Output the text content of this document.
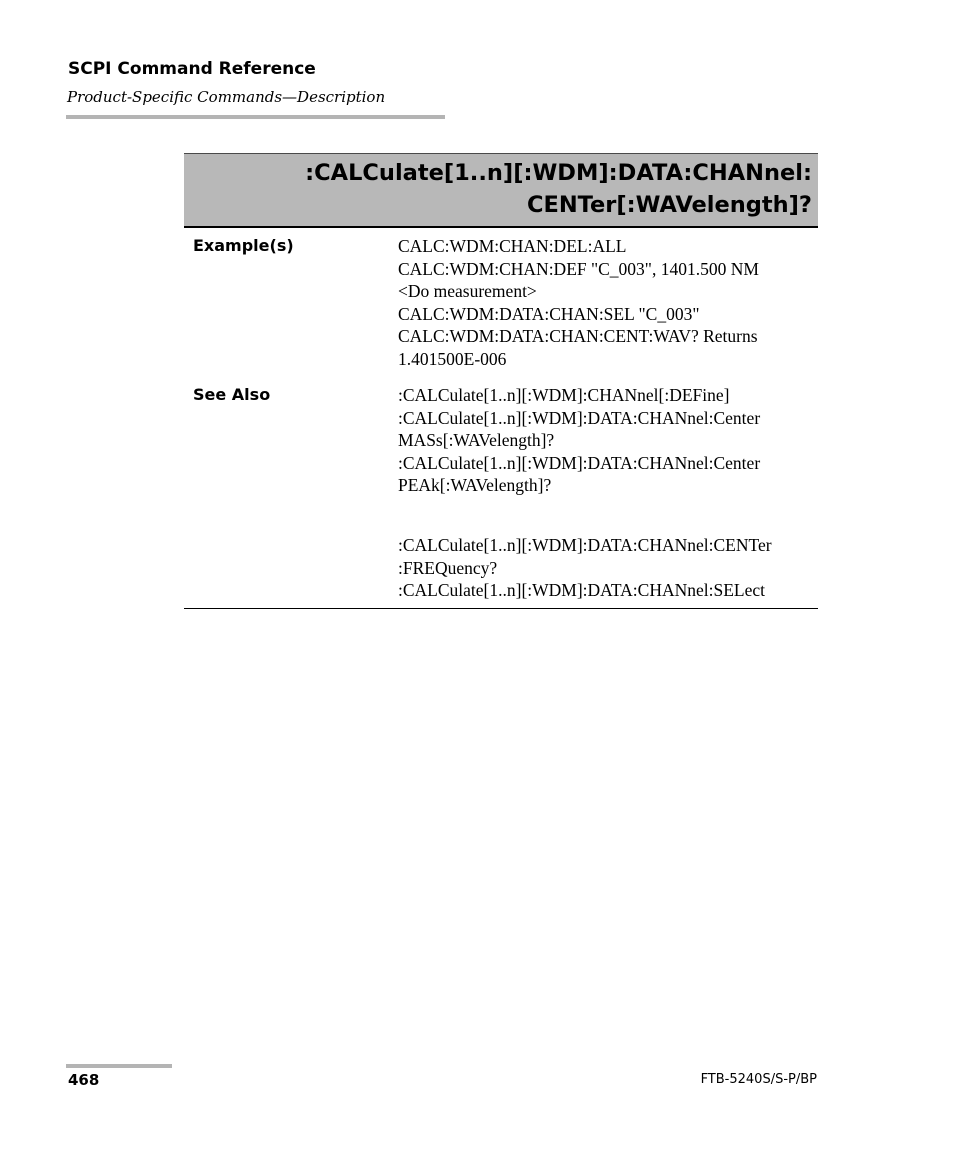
SCPI Command Reference
Product-Specific Commands—Description
:CALCulate[1..n][:WDM]:DATA:CHANnel:
CENTer[:WAVelength]?
Example(s)	CALC:WDM:CHAN:DEL:ALL
CALC:WDM:CHAN:DEF "C_003", 1401.500 NM
<Do measurement>
CALC:WDM:DATA:CHAN:SEL "C_003"
CALC:WDM:DATA:CHAN:CENT:WAV? Returns
1.401500E-006
See Also	:CALCulate[1..n][:WDM]:CHANnel[:DEFine]
:CALCulate[1..n][:WDM]:DATA:CHANnel:Center
MASs[:WAVelength]?
:CALCulate[1..n][:WDM]:DATA:CHANnel:Center
PEAk[:WAVelength]?
:CALCulate[1..n][:WDM]:DATA:CHANnel:CENTer
:FREQuency?
:CALCulate[1..n][:WDM]:DATA:CHANnel:SELect
468	FTB-5240S/S-P/BP
